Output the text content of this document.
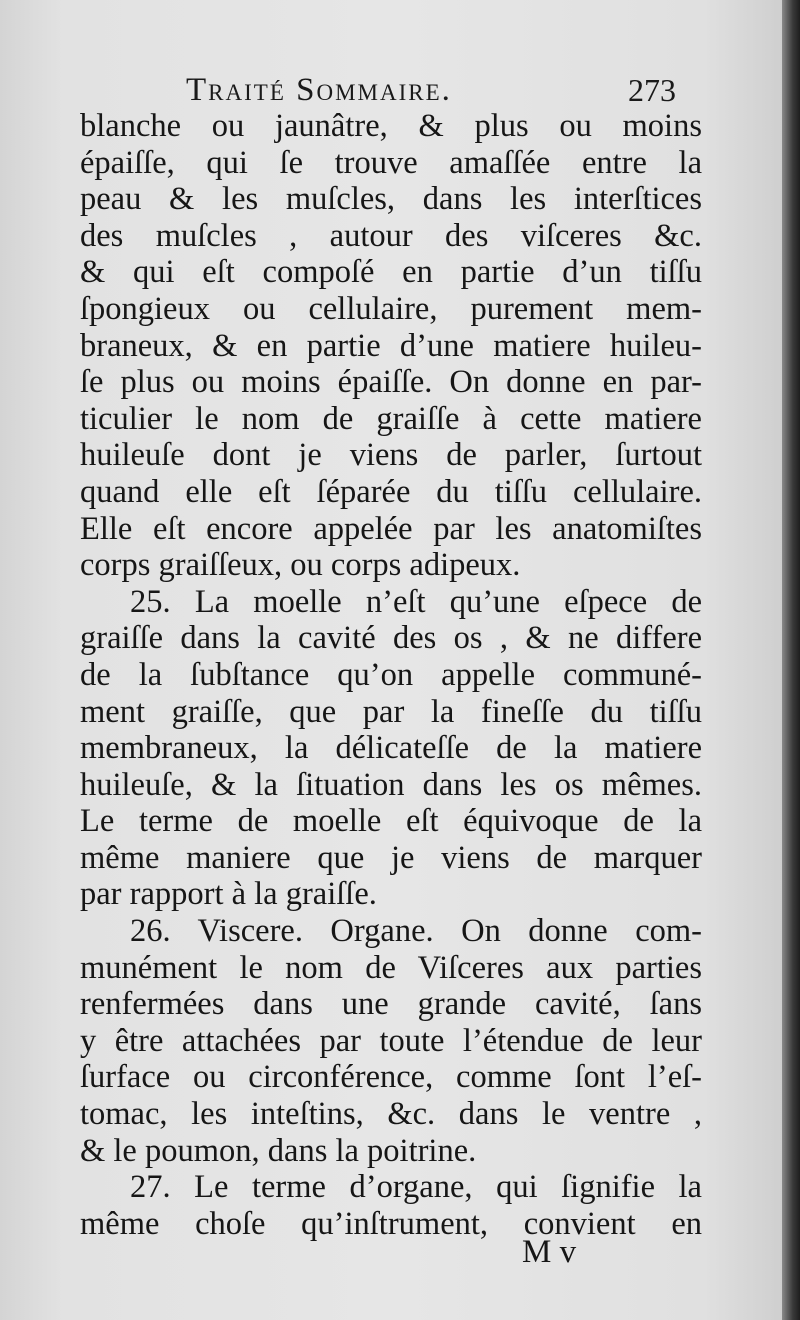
Traité Sommaire.	273
blanche ou jaunâtre, & plus ou moins
épaiſſe, qui ſe trouve amaſſée entre la
peau & les muſcles, dans les interſtices
des muſcles , autour des viſceres &c.
& qui eſt compoſé en partie d’un tiſſu
ſpongieux ou cellulaire, purement mem-
braneux, & en partie d’une matiere huileu-
ſe plus ou moins épaiſſe. On donne en par-
ticulier le nom de graiſſe à cette matiere
huileuſe dont je viens de parler, ſurtout
quand elle eſt ſéparée du tiſſu cellulaire.
Elle eſt encore appelée par les anatomiſtes
corps graiſſeux, ou corps adipeux.
25. La moelle n’eſt qu’une eſpece de
graiſſe dans la cavité des os , & ne differe
de la ſubſtance qu’on appelle communé-
ment graiſſe, que par la fineſſe du tiſſu
membraneux, la délicateſſe de la matiere
huileuſe, & la ſituation dans les os mêmes.
Le terme de moelle eſt équivoque de la
même maniere que je viens de marquer
par rapport à la graiſſe.
26. Viscere. Organe. On donne com-
munément le nom de Viſceres aux parties
renfermées dans une grande cavité, ſans
y être attachées par toute l’étendue de leur
ſurface ou circonférence, comme ſont l’eſ-
tomac, les inteſtins, &c. dans le ventre ,
& le poumon, dans la poitrine.
27. Le terme d’organe, qui ſignifie la
même choſe qu’inſtrument, convient en
M v
